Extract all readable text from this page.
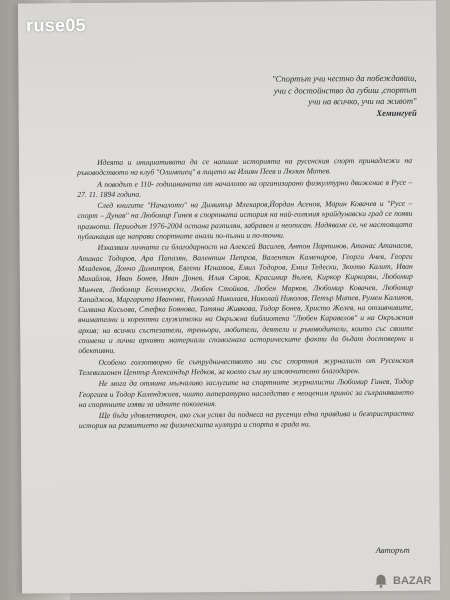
ruse05
"Спортът учи честно да побеждаваш,
учи с достойнство да губиш ,спортът
учи на всичко, учи на живот"
Хемингуей

Идеята и инициативата да се напише историята на русенския спорт принадлежи на ръководството на клуб "Олимпиец" в лицето на Илиян Пеев и Люлин Матев.

А поводът е 110- годишнината от началото на организирано физкултурно движение в Русе – 27. 11. 1894 година.

След книгите "Началото" на Димитър Млекаров,Йордан Асенов, Марин Ковачев и "Русе – спорт – Дунав" на Любомир Гинев в спортната история на най-голямия крайдунавски град се появи празнота. Периодът 1976-2004 остана разпилян, забравен и неописан. Надяваме се, че настоящата публикация ще направи спортните анали по-пълни и по-точни.

Изказвам личната си благодарност на Алексей Василев, Антон Партинов, Атанас Атанасов, Атанас Тодоров, Ара Папазян, Валентин Петров, Валентин Каменаров, Георги Ачев, Георги Младенов, Дончо Димитров, Евгени Игнатов, Емил Тодоров, Емил Тедески, Зюхтю Калит, Иван Михайлов, Иван Бонев, Иван Донев, Илия Сяров, Красимир Вълев, Киркор Киркорян, Любомир Минчев, Любомир Беломорски, Любен Стойков, Любен Марков, Любомир Ковачев, Любомир Хападжов, Маргарита Иванова, Николай Николаев, Николай Николов, Петър Митев, Румен Калинов, Силвана Кисьова, Стефка Боянова, Татяна Живкова, Тодор Бонев, Христо Желев, на отзивчивите, внимателни и коректни служителки на Окръжна библиотека "Любен Каравелов" и на Окръжния архив; на всички състезатели, треньори, любители, деятели и ръководители, които със своите спомени и лични архивни материали спомогнаха историческите факти да бъдат достоверни и обективни.

Особено голзотворно бе сътрудничеството ми със спортния журналист от Русенския Телевизионен Център Александър Недков, за което съм му изключително благодарен.

Не мога да отмина мълчаливо заслугите на спортните журналисти Любомир Гинев, Тодор Георгиев и Тодор Календжиев, чиито литературно наследство е неоценим принос за съхраняването на спортните изяви за идните поколения.

Ще бъда удовлетворен, ако съм успял да поднеса на русенци една правдива и безпристрастна история на развитието на физическата култура и спорта в града ни.

Авторът
BAZAR
